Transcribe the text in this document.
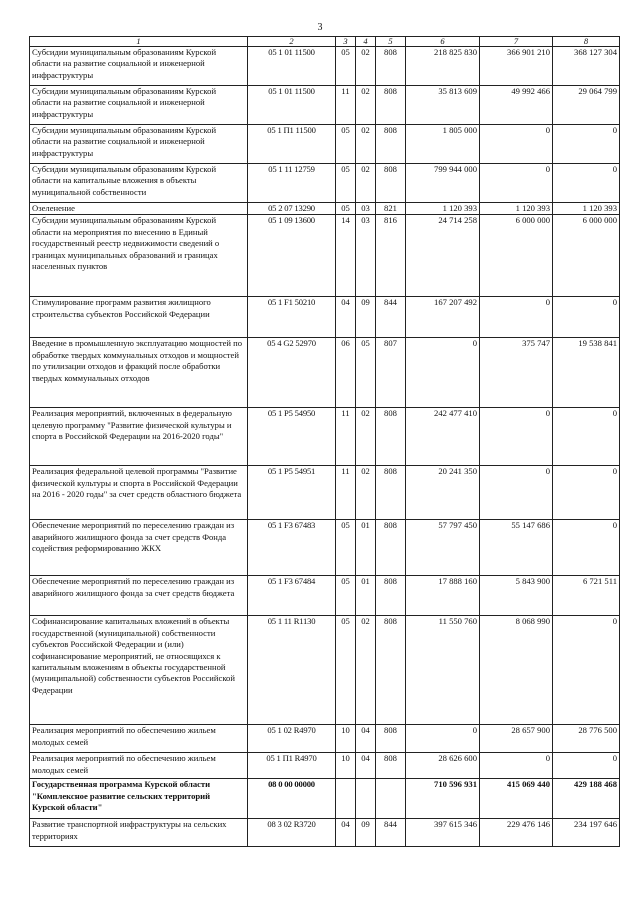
3
1	2	3	4	5	6	7	8
Субсидии муниципальным образованиям Курской области на развитие социальной и инженерной инфраструктуры	05 1 01 11500	05	02	808	218 825 830	366 901 210	368 127 304
Субсидии муниципальным образованиям Курской области на развитие социальной и инженерной инфраструктуры	05 1 01 11500	11	02	808	35 813 609	49 992 466	29 064 799
Субсидии муниципальным образованиям Курской области на развитие социальной и инженерной инфраструктуры	05 1 П1 11500	05	02	808	1 805 000	0	0
Субсидии муниципальным образованиям Курской области на капитальные вложения в объекты муниципальной собственности	05 1 11 12759	05	02	808	799 944 000	0	0
Озеленение	05 2 07 13290	05	03	821	1 120 393	1 120 393	1 120 393
Субсидии муниципальным образованиям Курской области на мероприятия по внесению в Единый государственный реестр недвижимости сведений о границах муниципальных образований и границах населенных пунктов	05 1 09 13600	14	03	816	24 714 258	6 000 000	6 000 000
Стимулирование программ развития жилищного строительства субъектов Российской Федерации	05 1 F1 50210	04	09	844	167 207 492	0	0
Введение в промышленную эксплуатацию мощностей по обработке твердых коммунальных отходов и мощностей по утилизации отходов и фракций после обработки твердых коммунальных отходов	05 4 G2 52970	06	05	807	0	375 747	19 538 841
Реализация мероприятий, включенных в федеральную целевую программу "Развитие физической культуры и спорта в Российской Федерации на 2016-2020 годы"	05 1 P5 54950	11	02	808	242 477 410	0	0
Реализация федеральной целевой программы "Развитие физической культуры и спорта в Российской Федерации на 2016 - 2020 годы" за счет средств областного бюджета	05 1 P5 54951	11	02	808	20 241 350	0	0
Обеспечение мероприятий по переселению граждан из аварийного жилищного фонда за счет средств Фонда содействия реформированию ЖКХ	05 1 F3 67483	05	01	808	57 797 450	55 147 686	0
Обеспечение мероприятий по переселению граждан из аварийного жилищного фонда за счет средств бюджета	05 1 F3 67484	05	01	808	17 888 160	5 843 900	6 721 511
Софинансирование капитальных вложений в объекты государственной (муниципальной) собственности субъектов Российской Федерации и (или) софинансирование мероприятий, не относящихся к капитальным вложениям в объекты государственной (муниципальной) собственности субъектов Российской Федерации	05 1 11 R1130	05	02	808	11 550 760	8 068 990	0
Реализация мероприятий по обеспечению жильем молодых семей	05 1 02 R4970	10	04	808	0	28 657 900	28 776 500
Реализация мероприятий по обеспечению жильем молодых семей	05 1 П1 R4970	10	04	808	28 626 600	0	0
Государственная программа Курской области "Комплексное развитие сельских территорий Курской области"	08 0 00 00000				710 596 931	415 069 440	429 188 468
Развитие транспортной инфраструктуры на сельских территориях	08 3 02 R3720	04	09	844	397 615 346	229 476 146	234 197 646
